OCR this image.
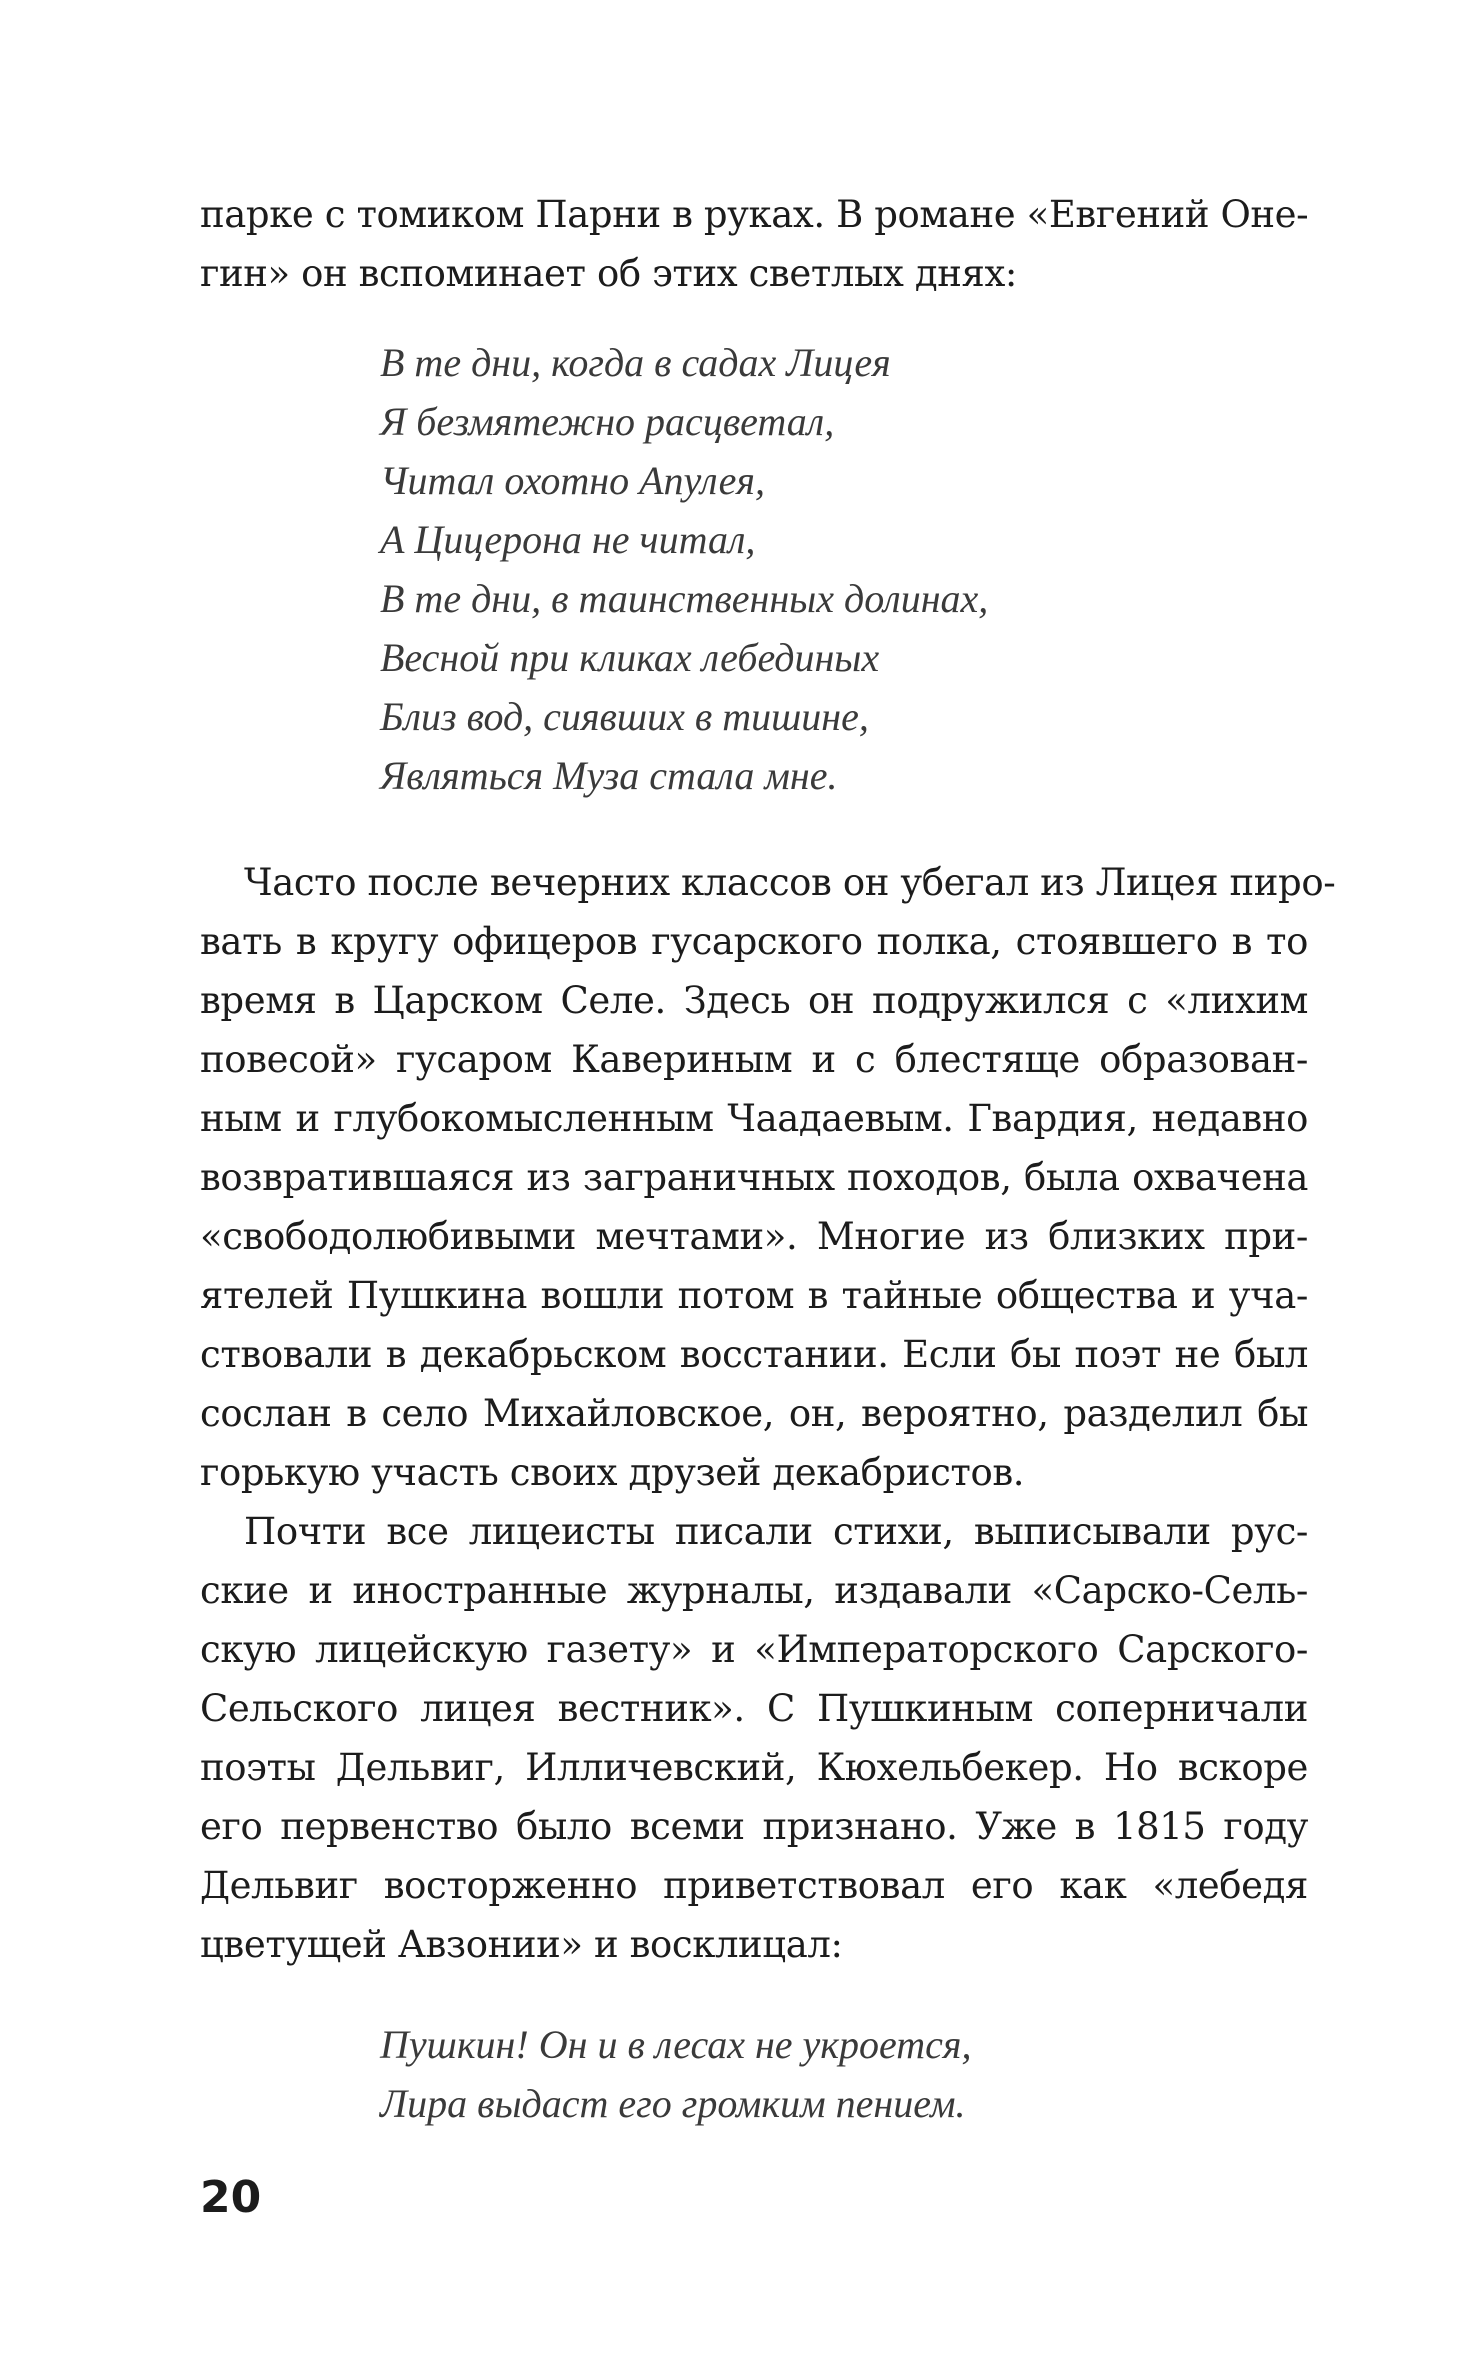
парке с томиком Парни в руках. В романе «Евгений Оне-
гин» он вспоминает об этих светлых днях:
В те дни, когда в садах Лицея
Я безмятежно расцветал,
Читал охотно Апулея,
А Цицерона не читал,
В те дни, в таинственных долинах,
Весной при кликах лебединых
Близ вод, сиявших в тишине,
Являться Муза стала мне.
Часто после вечерних классов он убегал из Лицея пиро-
вать в кругу офицеров гусарского полка, стоявшего в то
время в Царском Селе. Здесь он подружился с «лихим
повесой» гусаром Кавериным и с блестяще образован-
ным и глубокомысленным Чаадаевым. Гвардия, недавно
возвратившаяся из заграничных походов, была охвачена
«свободолюбивыми мечтами». Многие из близких при-
ятелей Пушкина вошли потом в тайные общества и уча-
ствовали в декабрьском восстании. Если бы поэт не был
сослан в село Михайловское, он, вероятно, разделил бы
горькую участь своих друзей декабристов.
Почти все лицеисты писали стихи, выписывали рус-
ские и иностранные журналы, издавали «Сарско-Сель-
скую лицейскую газету» и «Императорского Сарского-
Сельского лицея вестник». С Пушкиным соперничали
поэты Дельвиг, Илличевский, Кюхельбекер. Но вскоре
его первенство было всеми признано. Уже в 1815 году
Дельвиг восторженно приветствовал его как «лебедя
цветущей Авзонии» и восклицал:
Пушкин! Он и в лесах не укроется,
Лира выдаст его громким пением.
20
